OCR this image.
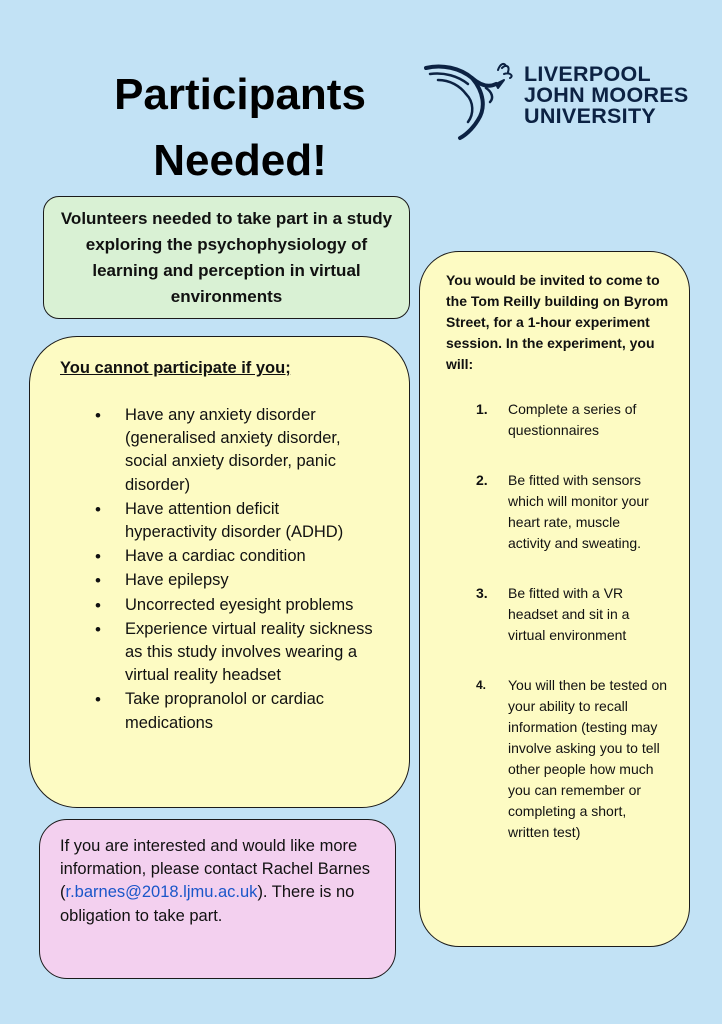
Participants
Needed!
LIVERPOOL
JOHN MOORES
UNIVERSITY
Volunteers needed to take part in a study exploring the psychophysiology of learning and perception in virtual environments
You cannot participate if you;
• Have any anxiety disorder (generalised anxiety disorder, social anxiety disorder, panic disorder)
• Have attention deficit hyperactivity disorder (ADHD)
• Have a cardiac condition
• Have epilepsy
• Uncorrected eyesight problems
• Experience virtual reality sickness as this study involves wearing a virtual reality headset
• Take propranolol or cardiac medications
You would be invited to come to the Tom Reilly building on Byrom Street, for a 1-hour experiment session. In the experiment, you will:
1. Complete a series of questionnaires
2. Be fitted with sensors which will monitor your heart rate, muscle activity and sweating.
3. Be fitted with a VR headset and sit in a virtual environment
4. You will then be tested on your ability to recall information (testing may involve asking you to tell other people how much you can remember or completing a short, written test)
If you are interested and would like more information, please contact Rachel Barnes (r.barnes@2018.ljmu.ac.uk). There is no obligation to take part.
